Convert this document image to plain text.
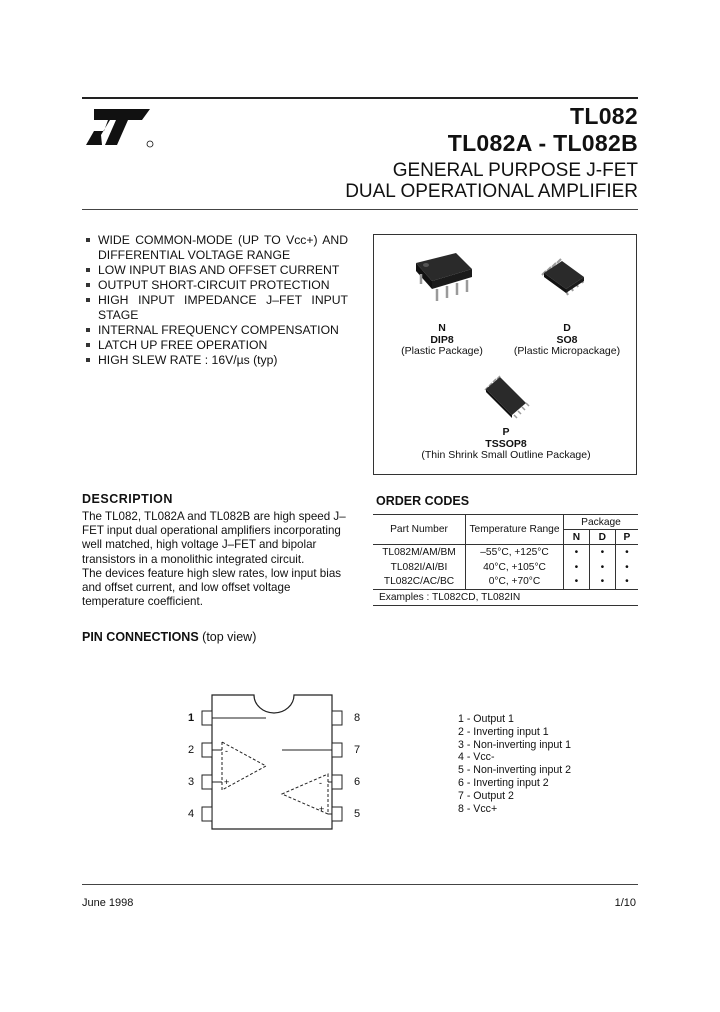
TL082
TL082A - TL082B
GENERAL PURPOSE J-FET
DUAL OPERATIONAL AMPLIFIER
WIDE COMMON-MODE (UP TO Vcc+) AND DIFFERENTIAL VOLTAGE RANGE
LOW INPUT BIAS AND OFFSET CURRENT
OUTPUT SHORT-CIRCUIT PROTECTION
HIGH INPUT IMPEDANCE J–FET INPUT STAGE
INTERNAL FREQUENCY COMPENSATION
LATCH UP FREE OPERATION
HIGH SLEW RATE : 16V/µs (typ)
N
DIP8
(Plastic Package)
D
SO8
(Plastic Micropackage)
P
TSSOP8
(Thin Shrink Small Outline Package)
DESCRIPTION

The TL082, TL082A and TL082B are high speed J–FET input dual operational amplifiers incorporating well matched, high voltage J–FET and bipolar transistors in a monolithic integrated circuit.

The devices feature high slew rates, low input bias and offset current, and low offset voltage temperature coefficient.

ORDER CODES
Part Number	Temperature Range	Package		
		N	D	P
TL082M/AM/BM	–55°C, +125°C	•	•	•
TL082I/AI/BI	40°C, +105°C	•	•	•
TL082C/AC/BC	0°C, +70°C	•	•	•
Examples : TL082CD, TL082IN				
PIN CONNECTIONS (top view)
-
+	-
+
1
2
3
4
8
7
6
5
1 - Output 1
2 - Inverting input 1
3 - Non-inverting input 1
4 - Vcc-
5 - Non-inverting input 2
6 - Inverting input 2
7 - Output 2
8 - Vcc+
June 1998	1/10
